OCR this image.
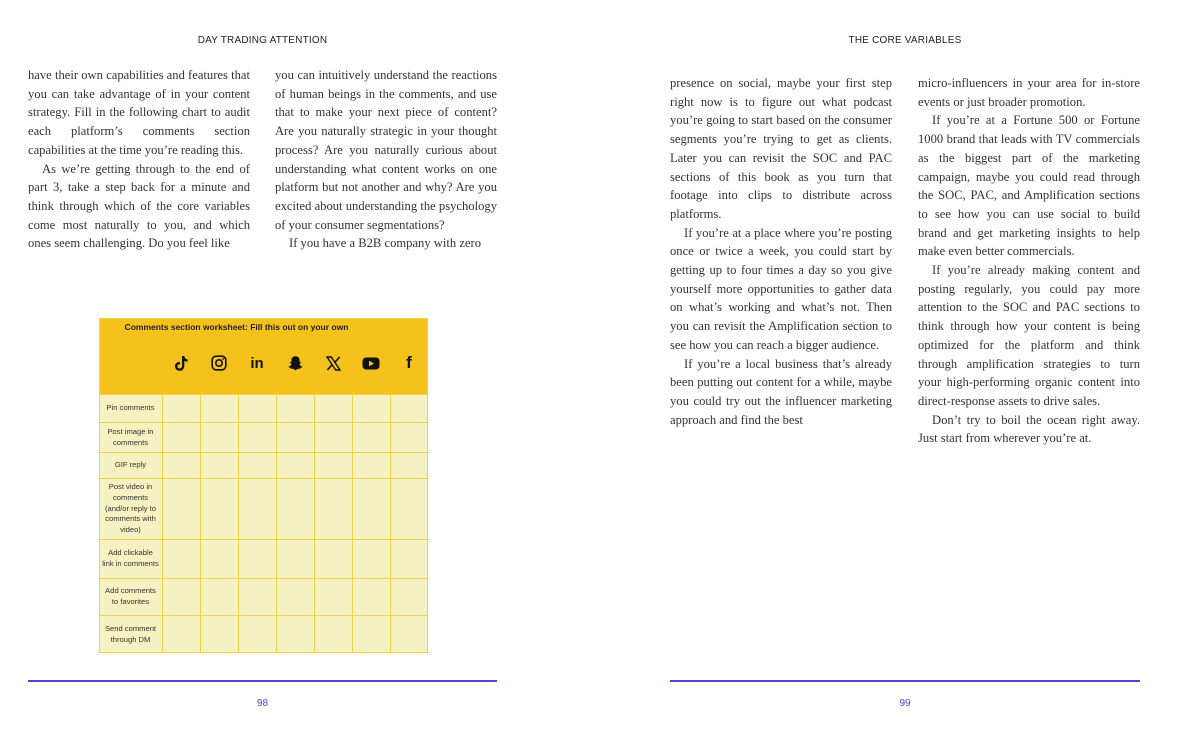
DAY TRADING ATTENTION

have their own capabilities and features that you can take advantage of in your content strategy. Fill in the following chart to audit each platform’s comments section capabilities at the time you’re reading this.

As we’re getting through to the end of part 3, take a step back for a minute and think through which of the core variables come most naturally to you, and which ones seem challenging. Do you feel like

you can intuitively understand the reactions of human beings in the comments, and use that to make your next piece of content? Are you naturally strategic in your thought process? Are you naturally curious about understanding what content works on one platform but not another and why? Are you excited about understanding the psychology of your consumer segmentations?

If you have a B2B company with zero

Comments section worksheet: Fill this out on your own
in	f
Pin comments
Post image in comments
GIF reply
Post video in comments (and/or reply to comments with video)
Add clickable link in comments
Add comments to favorites
Send comment through DM
98
THE CORE VARIABLES

presence on social, maybe your first step right now is to figure out what podcast you’re going to start based on the consumer segments you’re trying to get as clients. Later you can revisit the SOC and PAC sections of this book as you turn that footage into clips to distribute across platforms.

If you’re at a place where you’re posting once or twice a week, you could start by getting up to four times a day so you give yourself more opportunities to gather data on what’s working and what’s not. Then you can revisit the Amplification section to see how you can reach a bigger audience.

If you’re a local business that’s already been putting out content for a while, maybe you could try out the influencer marketing approach and find the best

micro-influencers in your area for in-store events or just broader promotion.

If you’re at a Fortune 500 or Fortune 1000 brand that leads with TV commercials as the biggest part of the marketing campaign, maybe you could read through the SOC, PAC, and Amplification sections to see how you can use social to build brand and get marketing insights to help make even better commercials.

If you’re already making content and posting regularly, you could pay more attention to the SOC and PAC sections to think through how your content is being optimized for the platform and think through amplification strategies to turn your high-performing organic content into direct-response assets to drive sales.

Don’t try to boil the ocean right away. Just start from wherever you’re at.

99
